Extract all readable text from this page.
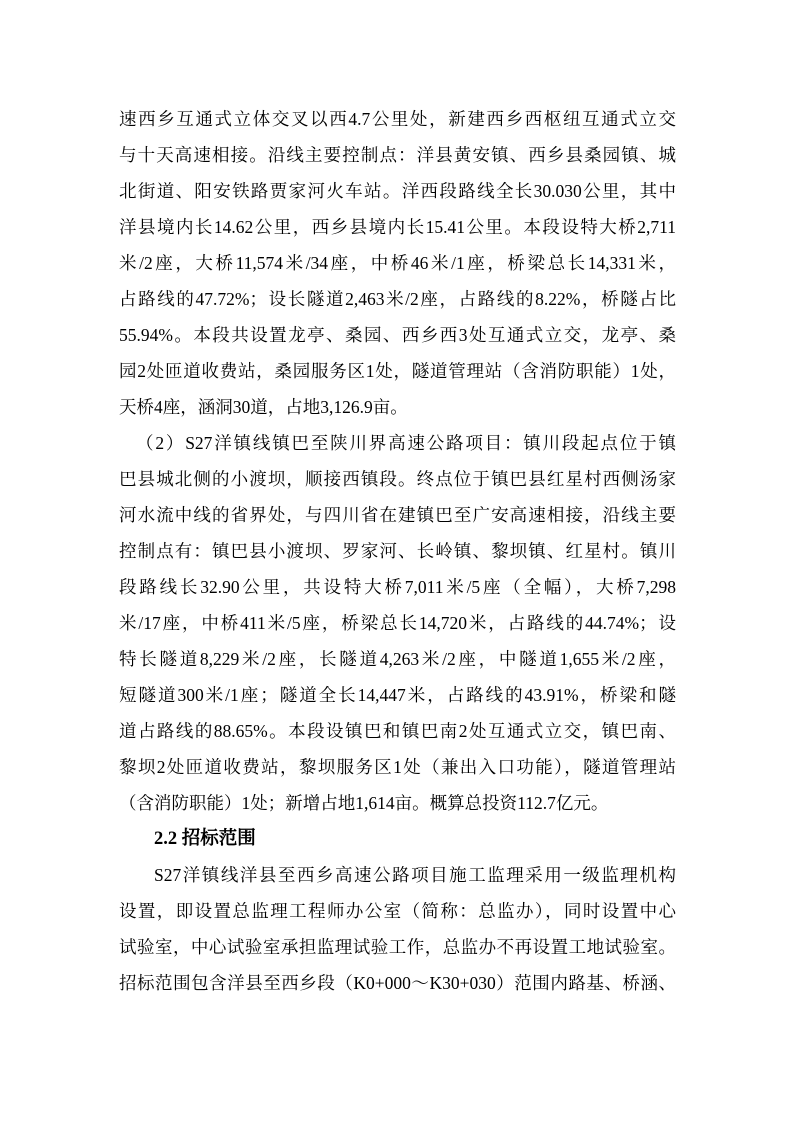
速西乡互通式立体交叉以西4.7公里处，新建西乡西枢纽互通式立交
与十天高速相接。沿线主要控制点：洋县黄安镇、西乡县桑园镇、城
北街道、阳安铁路贾家河火车站。洋西段路线全长30.030公里，其中
洋县境内长14.62公里，西乡县境内长15.41公里。本段设特大桥2,711
米/2座，大桥11,574米/34座，中桥46米/1座，桥梁总长14,331米，
占路线的47.72%；设长隧道2,463米/2座，占路线的8.22%，桥隧占比
55.94%。本段共设置龙亭、桑园、西乡西3处互通式立交，龙亭、桑
园2处匝道收费站，桑园服务区1处，隧道管理站（含消防职能）1处，
天桥4座，涵洞30道，占地3,126.9亩。
（2）S27洋镇线镇巴至陕川界高速公路项目：镇川段起点位于镇
巴县城北侧的小渡坝，顺接西镇段。终点位于镇巴县红星村西侧汤家
河水流中线的省界处，与四川省在建镇巴至广安高速相接，沿线主要
控制点有：镇巴县小渡坝、罗家河、长岭镇、黎坝镇、红星村。镇川
段路线长32.90公里，共设特大桥7,011米/5座（全幅），大桥7,298
米/17座，中桥411米/5座，桥梁总长14,720米，占路线的44.74%；设
特长隧道8,229米/2座，长隧道4,263米/2座，中隧道1,655米/2座，
短隧道300米/1座；隧道全长14,447米，占路线的43.91%，桥梁和隧
道占路线的88.65%。本段设镇巴和镇巴南2处互通式立交，镇巴南、
黎坝2处匝道收费站，黎坝服务区1处（兼出入口功能），隧道管理站
（含消防职能）1处；新增占地1,614亩。概算总投资112.7亿元。
2.2 招标范围
S27洋镇线洋县至西乡高速公路项目施工监理采用一级监理机构
设置，即设置总监理工程师办公室（简称：总监办），同时设置中心
试验室，中心试验室承担监理试验工作，总监办不再设置工地试验室。
招标范围包含洋县至西乡段（K0+000～K30+030）范围内路基、桥涵、
